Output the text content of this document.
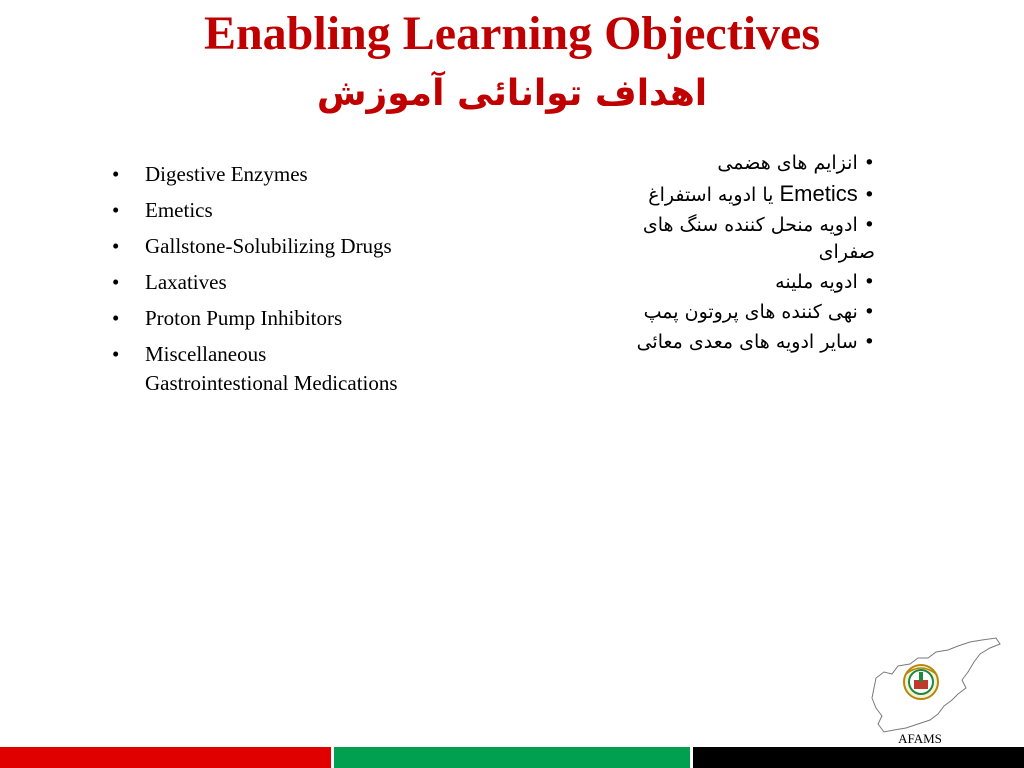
Enabling Learning Objectives
اهداف توانائی آموزش
•	Digestive Enzymes
•	Emetics
•	Gallstone-Solubilizing Drugs
•	Laxatives
•	Proton Pump Inhibitors
•	Miscellaneous Gastrointestional Medications
• انزایم های هضمی
• Emetics یا ادویه استفراغ
• ادویه منحل کننده سنگ های صفرای
• ادویه ملینه
• نهی کننده های پروتون پمپ
• سایر ادویه های معدی معائی
AFAMS
